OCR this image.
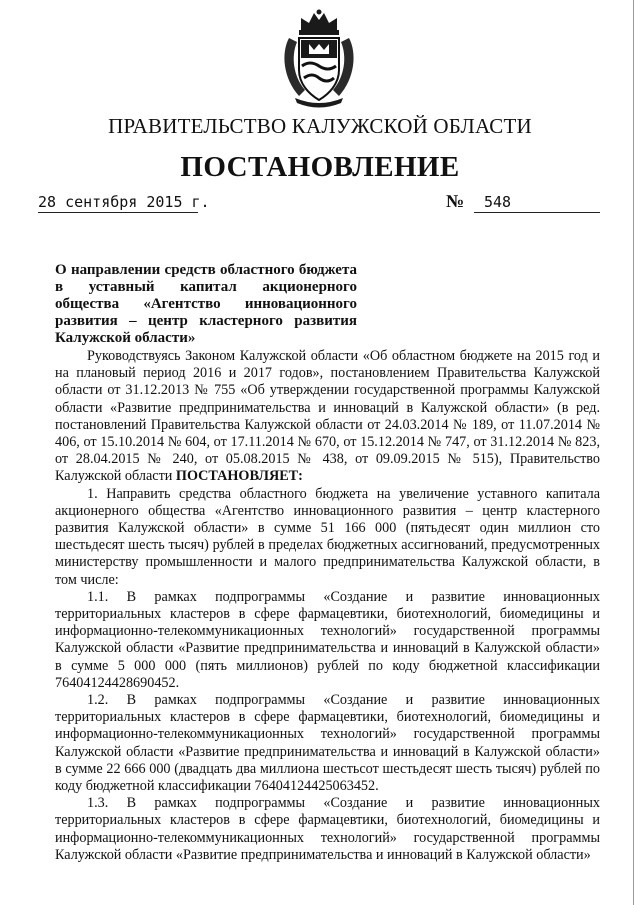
ПРАВИТЕЛЬСТВО КАЛУЖСКОЙ ОБЛАСТИ
ПОСТАНОВЛЕНИЕ
28 сентября 2015 г.	№ 548
О направлении средств областного бюджета в уставный капитал акционерного общества «Агентство инновационного развития – центр кластерного развития Калужской области»

Руководствуясь Законом Калужской области «Об областном бюджете на 2015 год и на плановый период 2016 и 2017 годов», постановлением Правительства Калужской области от 31.12.2013 № 755 «Об утверждении государственной программы Калужской области «Развитие предпринимательства и инноваций в Калужской области» (в ред. постановлений Правительства Калужской области от 24.03.2014 № 189, от 11.07.2014 № 406, от 15.10.2014 № 604, от 17.11.2014 № 670, от 15.12.2014 № 747, от 31.12.2014 № 823, от 28.04.2015 № 240, от 05.08.2015 № 438, от 09.09.2015 № 515), Правительство Калужской области ПОСТАНОВЛЯЕТ:

1. Направить средства областного бюджета на увеличение уставного капитала акционерного общества «Агентство инновационного развития – центр кластерного развития Калужской области» в сумме 51 166 000 (пятьдесят один миллион сто шестьдесят шесть тысяч) рублей в пределах бюджетных ассигнований, предусмотренных министерству промышленности и малого предпринимательства Калужской области, в том числе:

1.1. В рамках подпрограммы «Создание и развитие инновационных территориальных кластеров в сфере фармацевтики, биотехнологий, биомедицины и информационно-телекоммуникационных технологий» государственной программы Калужской области «Развитие предпринимательства и инноваций в Калужской области» в сумме 5 000 000 (пять миллионов) рублей по коду бюджетной классификации 76404124428690452.

1.2. В рамках подпрограммы «Создание и развитие инновационных территориальных кластеров в сфере фармацевтики, биотехнологий, биомедицины и информационно-телекоммуникационных технологий» государственной программы Калужской области «Развитие предпринимательства и инноваций в Калужской области» в сумме 22 666 000 (двадцать два миллиона шестьсот шестьдесят шесть тысяч) рублей по коду бюджетной классификации 76404124425063452.

1.3. В рамках подпрограммы «Создание и развитие инновационных территориальных кластеров в сфере фармацевтики, биотехнологий, биомедицины и информационно-телекоммуникационных технологий» государственной программы Калужской области «Развитие предпринимательства и инноваций в Калужской области»
